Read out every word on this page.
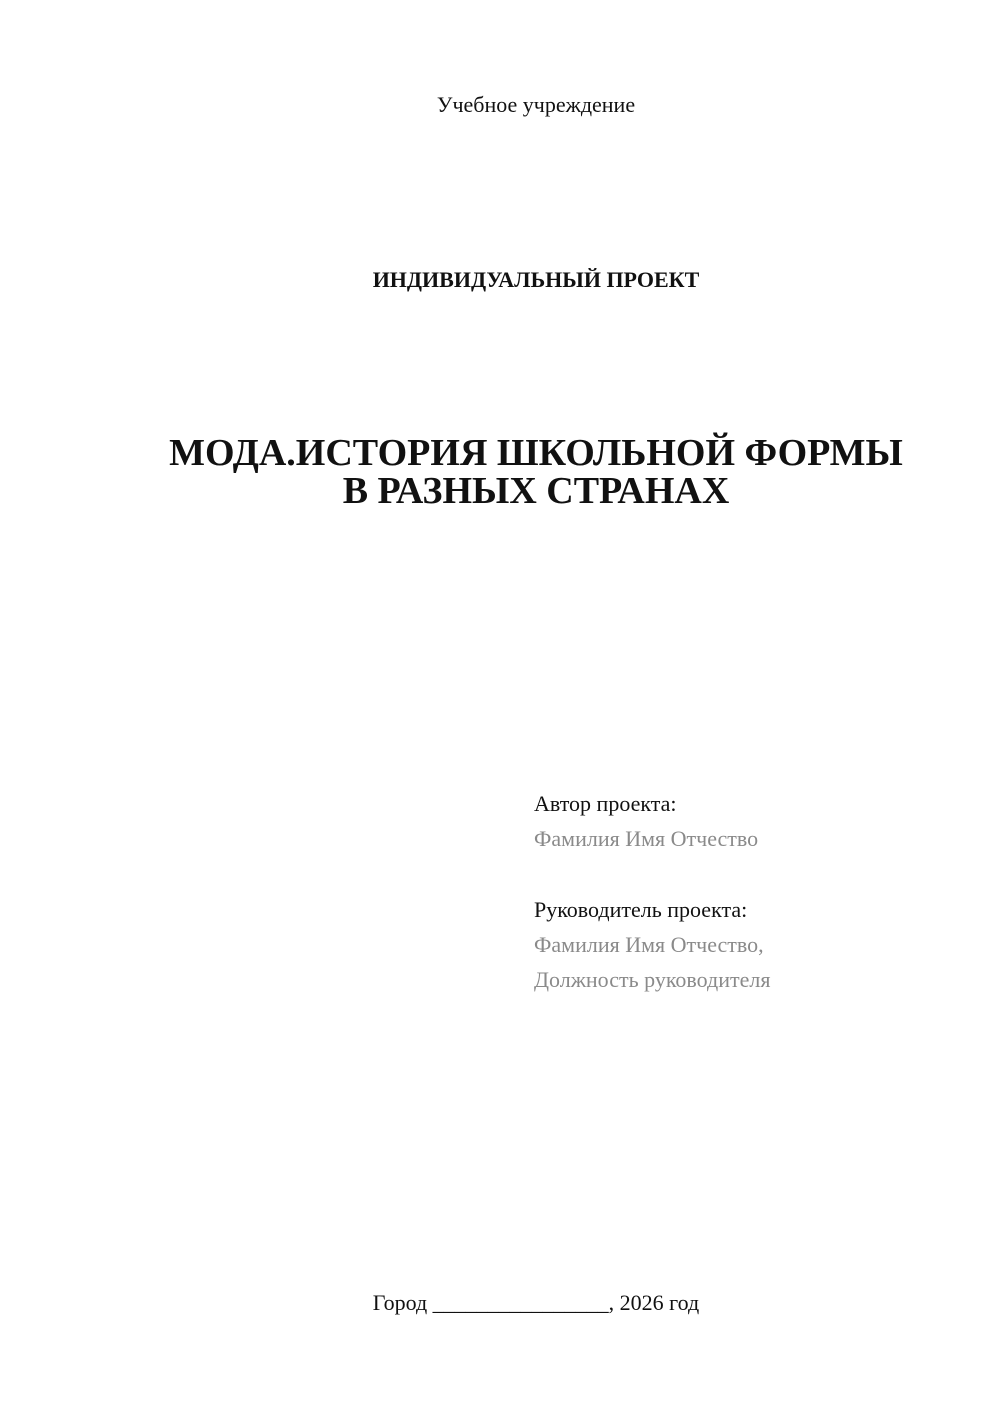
Учебное учреждение
ИНДИВИДУАЛЬНЫЙ ПРОЕКТ
МОДА.ИСТОРИЯ ШКОЛЬНОЙ ФОРМЫ
В РАЗНЫХ СТРАНАХ
Автор проекта:
Фамилия Имя Отчество
Руководитель проекта:
Фамилия Имя Отчество,
Должность руководителя
Город ________________, 2026 год
